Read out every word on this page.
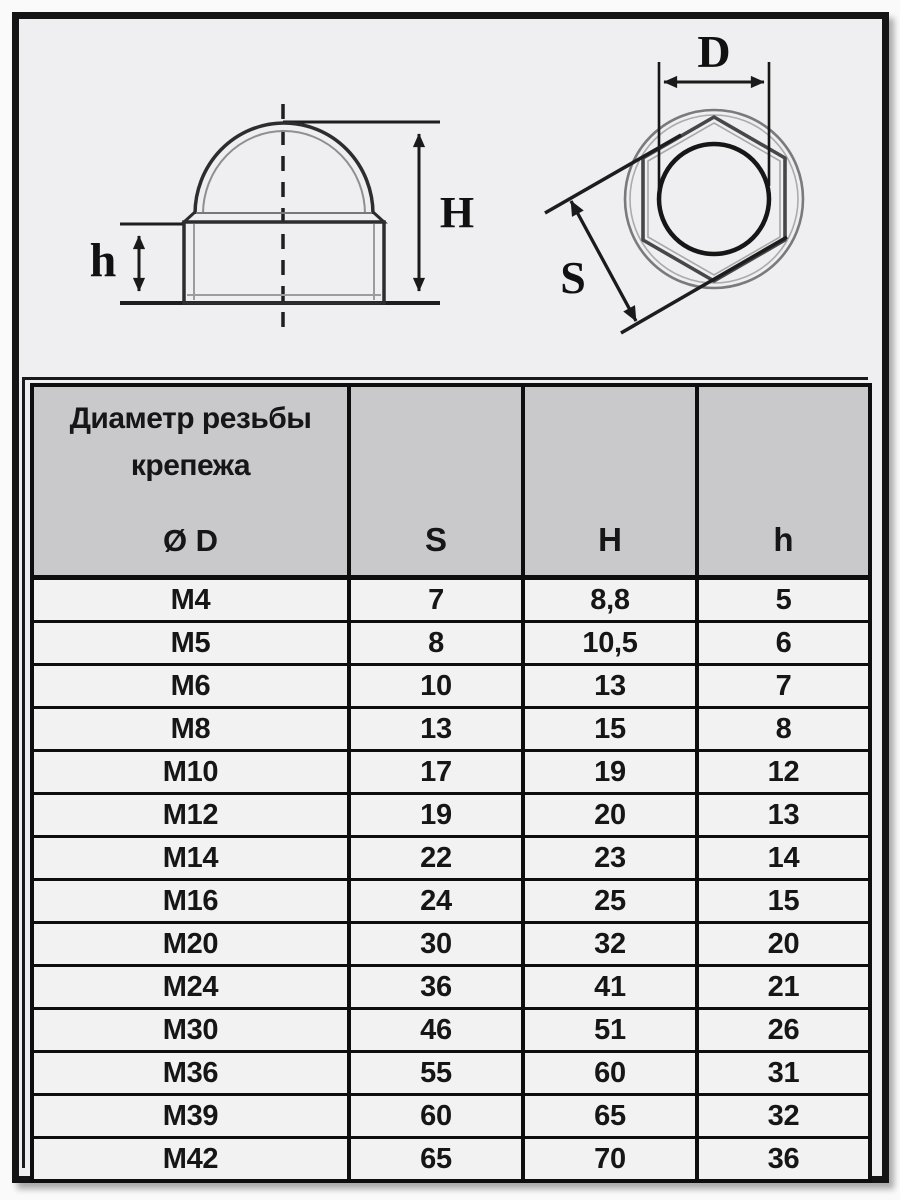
H
h
D
S
Диаметр резьбы крепежа
Ø D	S	H	h
M4	7	8,8	5
M5	8	10,5	6
M6	10	13	7
M8	13	15	8
M10	17	19	12
M12	19	20	13
M14	22	23	14
M16	24	25	15
M20	30	32	20
M24	36	41	21
M30	46	51	26
M36	55	60	31
M39	60	65	32
M42	65	70	36
